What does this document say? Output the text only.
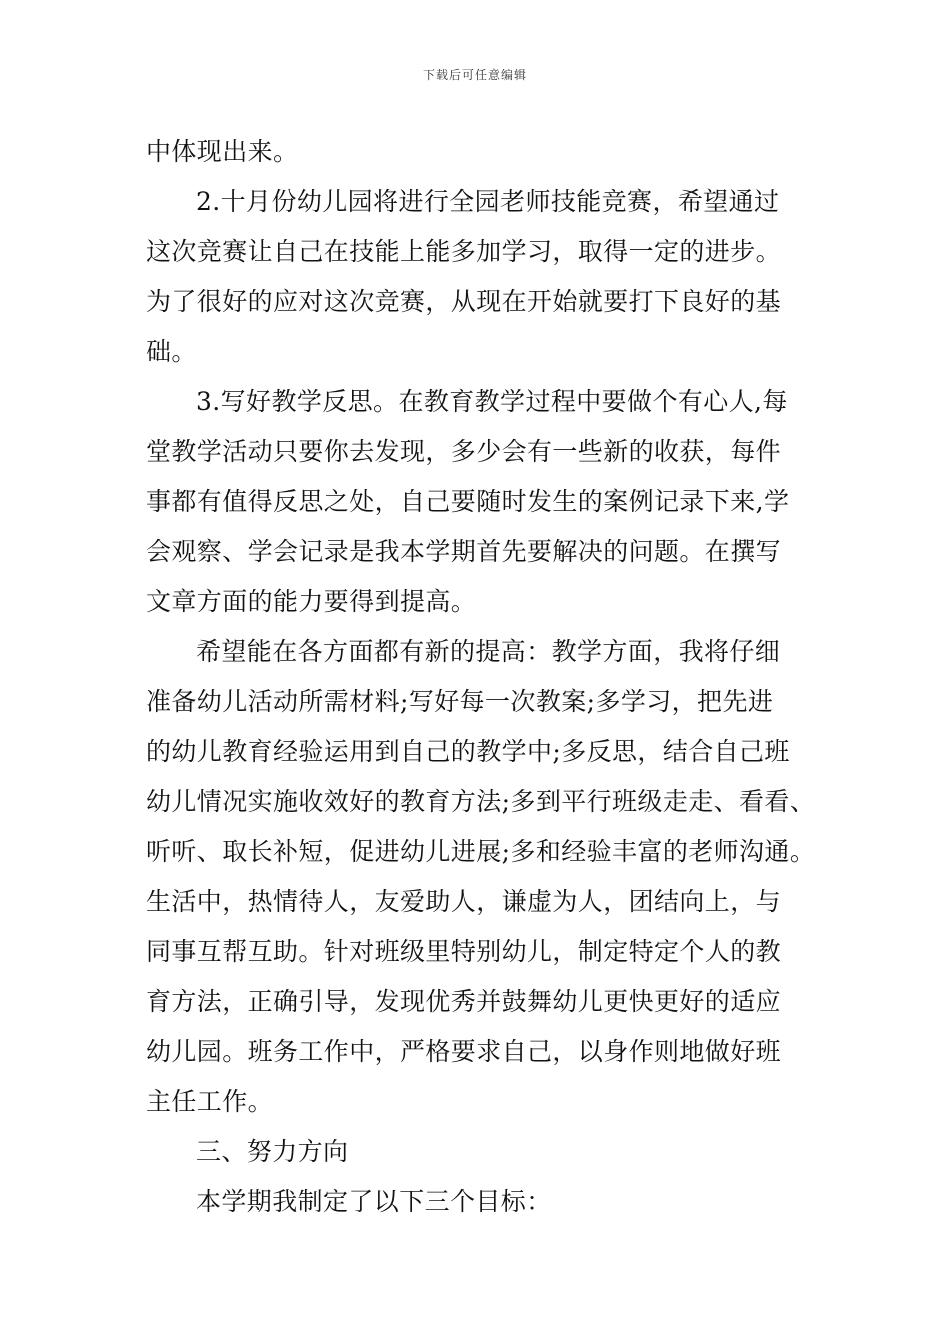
下载后可任意编辑
中体现出来。
2.十月份幼儿园将进行全园老师技能竞赛，希望通过
这次竞赛让自己在技能上能多加学习，取得一定的进步。
为了很好的应对这次竞赛，从现在开始就要打下良好的基
础。
3.写好教学反思。在教育教学过程中要做个有心人,每
堂教学活动只要你去发现，多少会有一些新的收获，每件
事都有值得反思之处，自己要随时发生的案例记录下来,学
会观察、学会记录是我本学期首先要解决的问题。在撰写
文章方面的能力要得到提高。
希望能在各方面都有新的提高：教学方面，我将仔细
准备幼儿活动所需材料;写好每一次教案;多学习，把先进
的幼儿教育经验运用到自己的教学中;多反思，结合自己班
幼儿情况实施收效好的教育方法;多到平行班级走走、看看、
听听、取长补短，促进幼儿进展;多和经验丰富的老师沟通。
生活中，热情待人，友爱助人，谦虚为人，团结向上，与
同事互帮互助。针对班级里特别幼儿，制定特定个人的教
育方法，正确引导，发现优秀并鼓舞幼儿更快更好的适应
幼儿园。班务工作中，严格要求自己，以身作则地做好班
主任工作。
三、努力方向
本学期我制定了以下三个目标：
